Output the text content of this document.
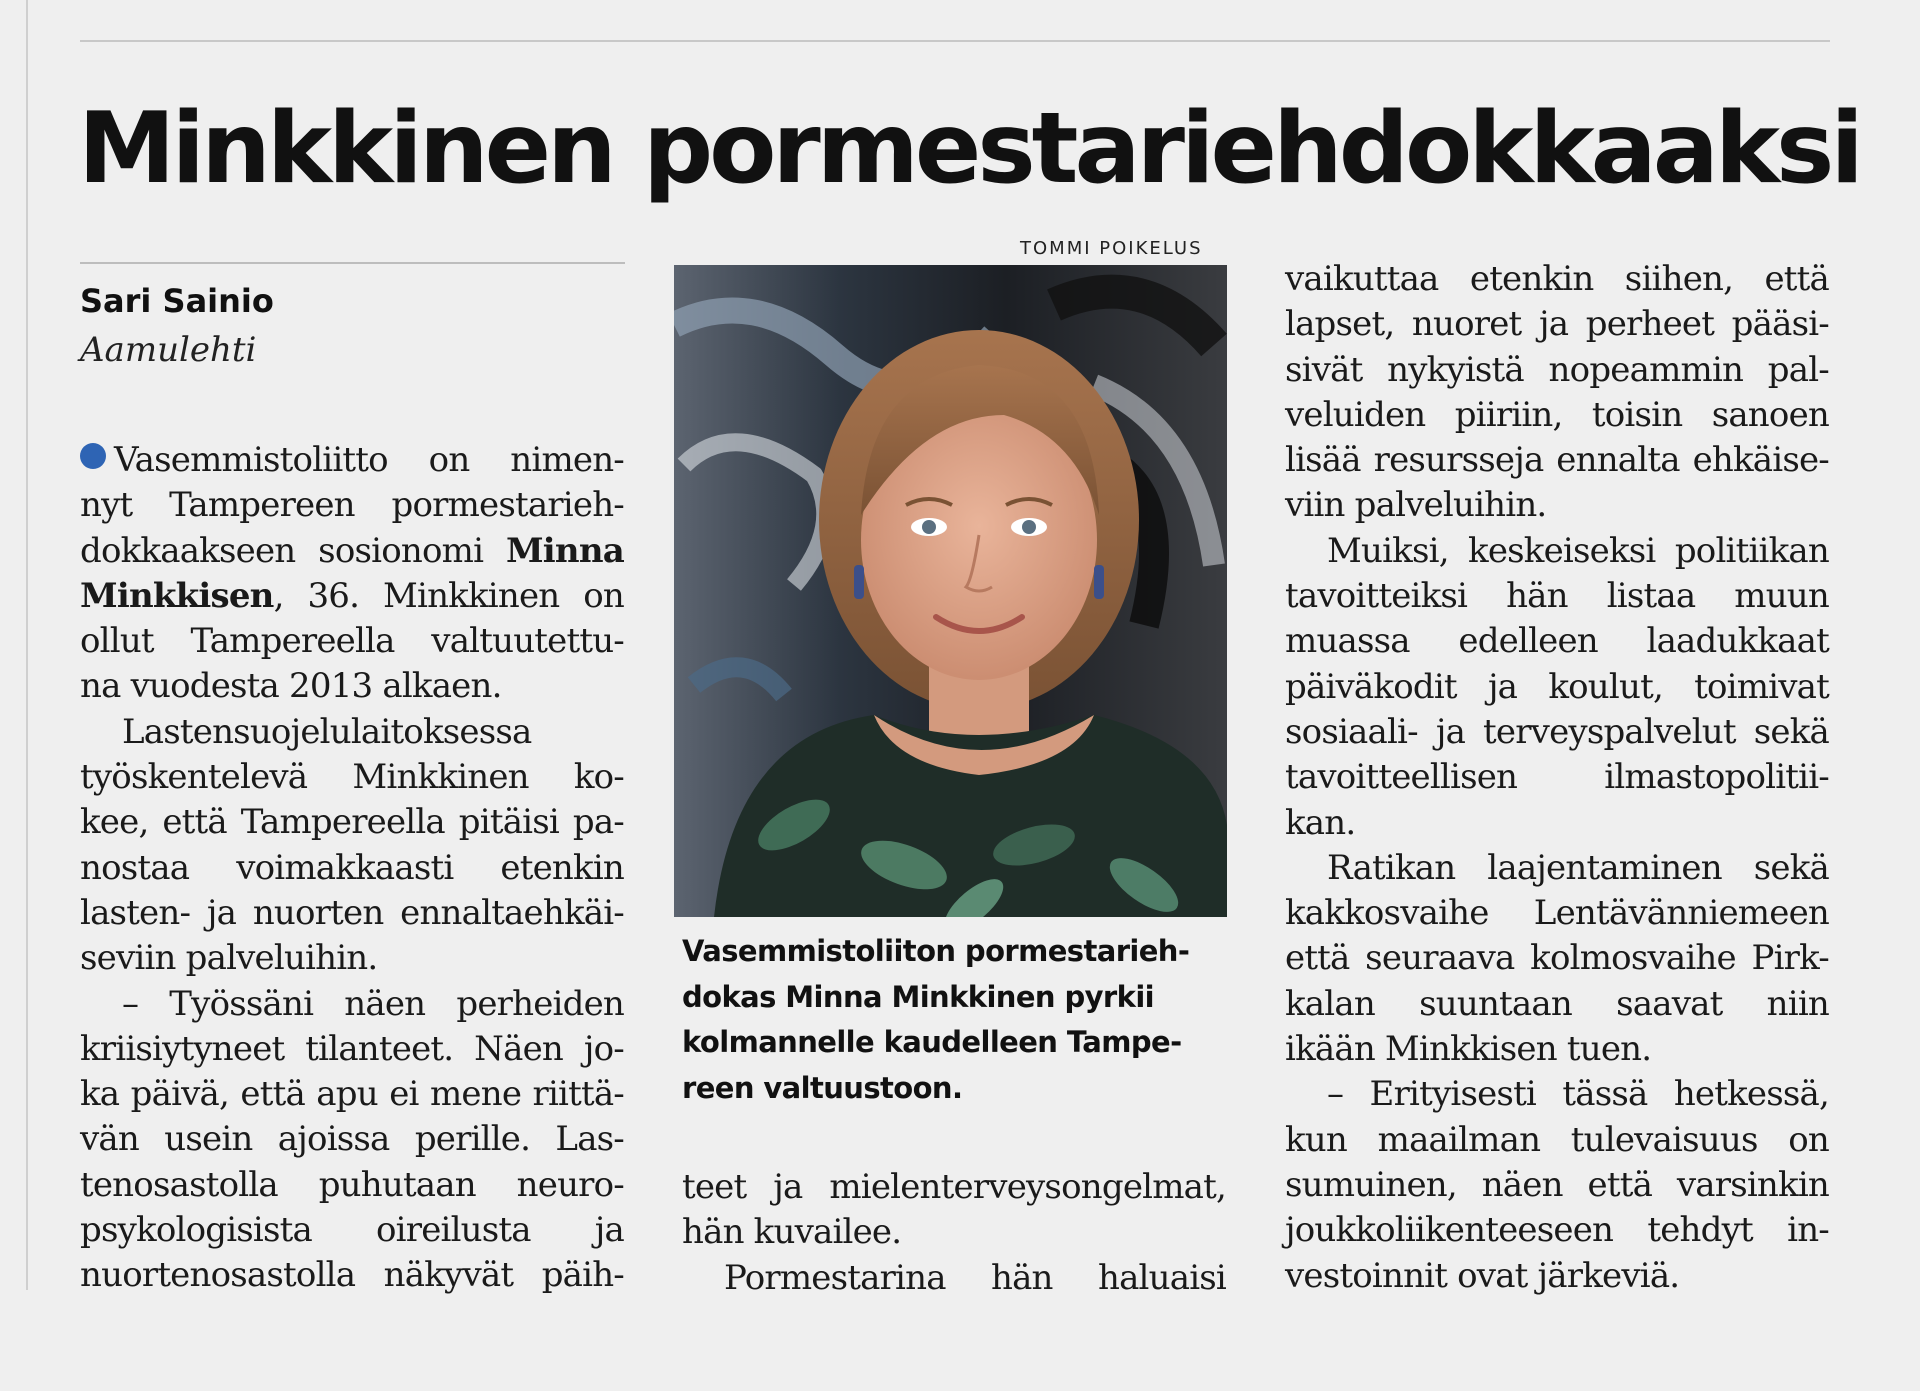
Minkkinen pormestariehdokkaaksi
Sari Sainio
Aamulehti
Vasemmistoliitto on nimen-
nyt Tampereen pormestarieh-
dokkaakseen sosionomi Minna
Minkkisen, 36. Minkkinen on
ollut Tampereella valtuutettu-
na vuodesta 2013 alkaen.
Lastensuojelulaitoksessa
työskentelevä Minkkinen ko-
kee, että Tampereella pitäisi pa-
nostaa voimakkaasti etenkin
lasten- ja nuorten ennaltaehkäi-
seviin palveluihin.
– Työssäni näen perheiden
kriisiytyneet tilanteet. Näen jo-
ka päivä, että apu ei mene riittä-
vän usein ajoissa perille. Las-
tenosastolla puhutaan neuro-
psykologisista oireilusta ja
nuortenosastolla näkyvät päih-
TOMMI POIKELUS
Vasemmistoliiton pormestarieh-
dokas Minna Minkkinen pyrkii
kolmannelle kaudelleen Tampe-
reen valtuustoon.
teet ja mielenterveysongelmat,
hän kuvailee.
Pormestarina hän haluaisi
vaikuttaa etenkin siihen, että
lapset, nuoret ja perheet pääsi-
sivät nykyistä nopeammin pal-
veluiden piiriin, toisin sanoen
lisää resursseja ennalta ehkäise-
viin palveluihin.
Muiksi, keskeiseksi politiikan
tavoitteiksi hän listaa muun
muassa edelleen laadukkaat
päiväkodit ja koulut, toimivat
sosiaali- ja terveyspalvelut sekä
tavoitteellisen ilmastopolitii-
kan.
Ratikan laajentaminen sekä
kakkosvaihe Lentävänniemeen
että seuraava kolmosvaihe Pirk-
kalan suuntaan saavat niin
ikään Minkkisen tuen.
– Erityisesti tässä hetkessä,
kun maailman tulevaisuus on
sumuinen, näen että varsinkin
joukkoliikenteeseen tehdyt in-
vestoinnit ovat järkeviä.
